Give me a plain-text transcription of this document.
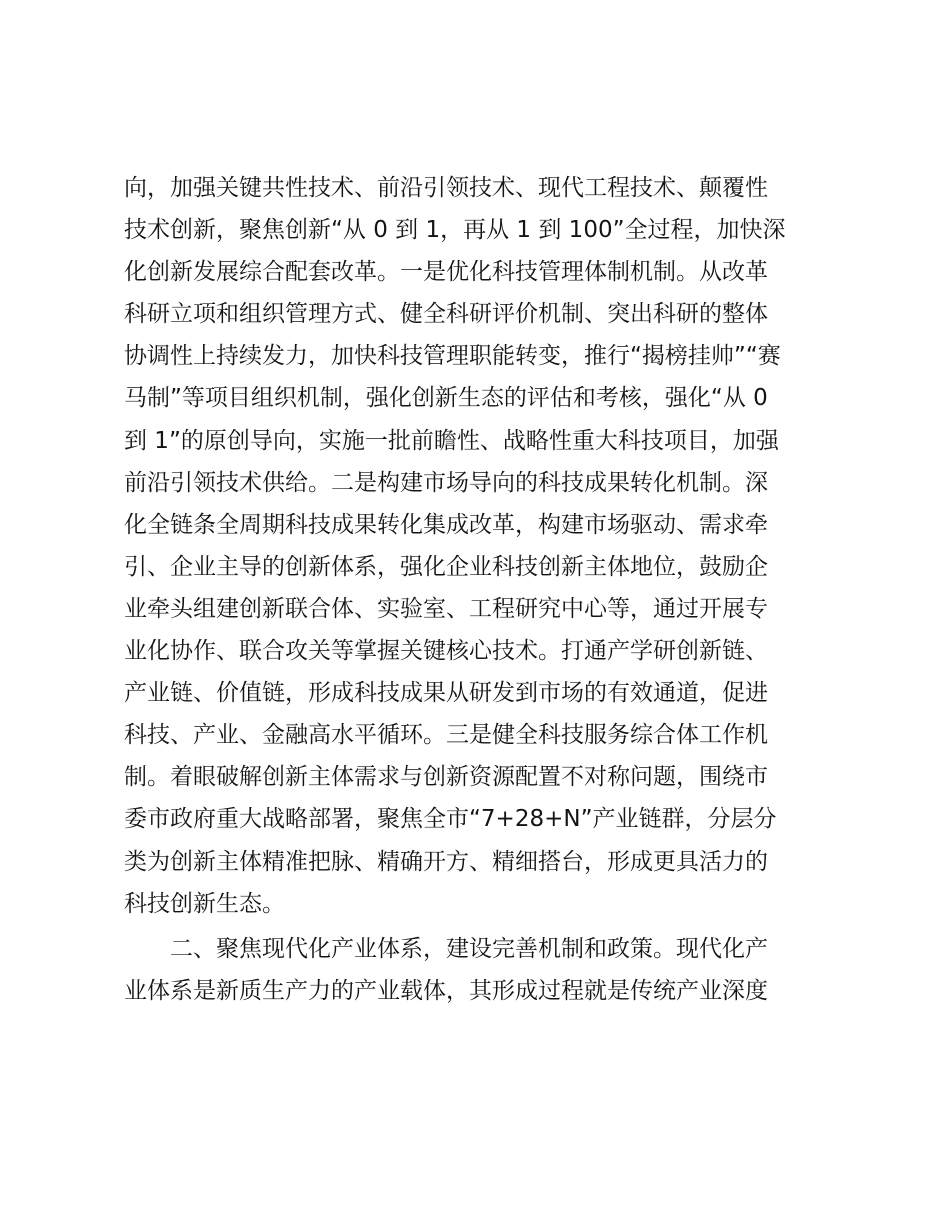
向，加强关键共性技术、前沿引领技术、现代工程技术、颠覆性
技术创新，聚焦创新“从 0 到 1，再从 1 到 100”全过程，加快深
化创新发展综合配套改革。一是优化科技管理体制机制。从改革
科研立项和组织管理方式、健全科研评价机制、突出科研的整体
协调性上持续发力，加快科技管理职能转变，推行“揭榜挂帅”“赛
马制”等项目组织机制，强化创新生态的评估和考核，强化“从 0
到 1”的原创导向，实施一批前瞻性、战略性重大科技项目，加强
前沿引领技术供给。二是构建市场导向的科技成果转化机制。深
化全链条全周期科技成果转化集成改革，构建市场驱动、需求牵
引、企业主导的创新体系，强化企业科技创新主体地位，鼓励企
业牵头组建创新联合体、实验室、工程研究中心等，通过开展专
业化协作、联合攻关等掌握关键核心技术。打通产学研创新链、
产业链、价值链，形成科技成果从研发到市场的有效通道，促进
科技、产业、金融高水平循环。三是健全科技服务综合体工作机
制。着眼破解创新主体需求与创新资源配置不对称问题，围绕市
委市政府重大战略部署，聚焦全市“7+28+N”产业链群，分层分
类为创新主体精准把脉、精确开方、精细搭台，形成更具活力的
科技创新生态。
二、聚焦现代化产业体系，建设完善机制和政策。现代化产
业体系是新质生产力的产业载体，其形成过程就是传统产业深度
